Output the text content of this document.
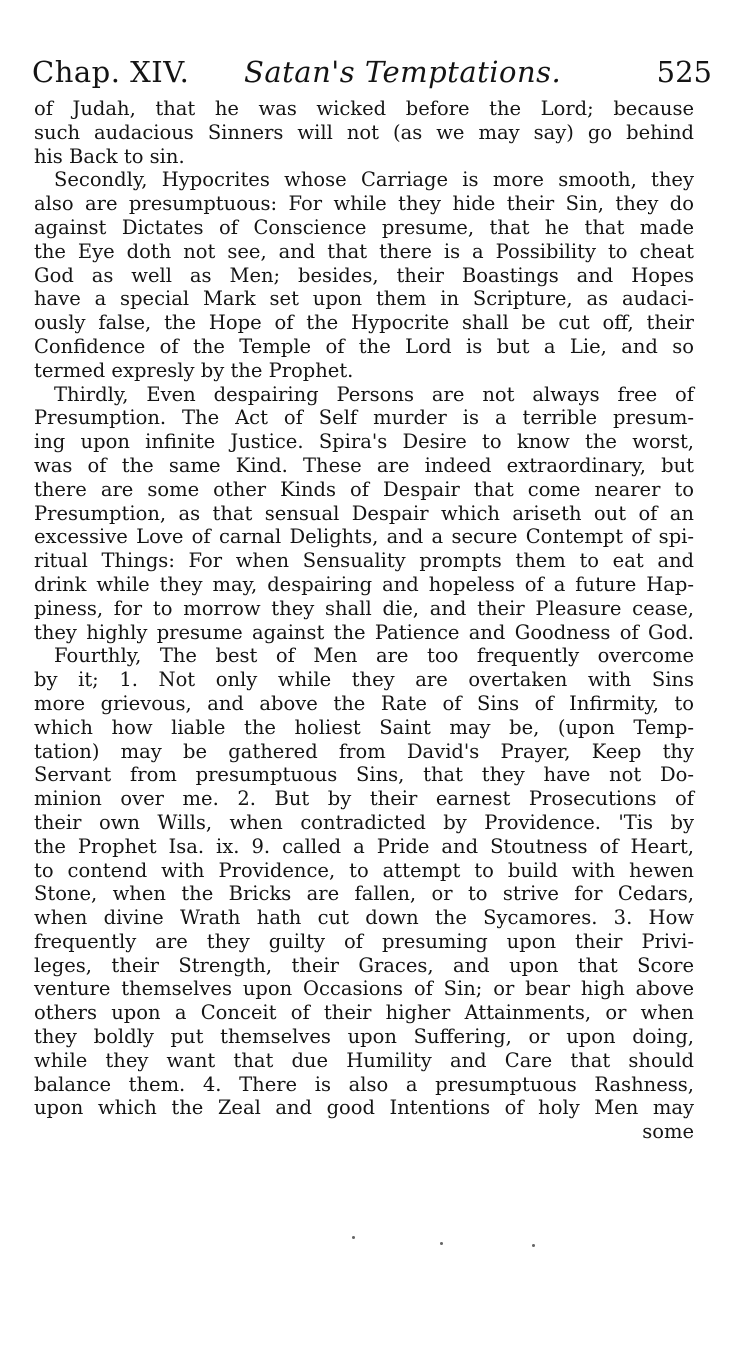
Chap. XIV. Satan's Temptations.	525
of Judah, that he was wicked before the Lord; because
such audacious Sinners will not (as we may say) go behind
his Back to sin.
Secondly, Hypocrites whose Carriage is more smooth, they
also are presumptuous: For while they hide their Sin, they do
against Dictates of Conscience presume, that he that made
the Eye doth not see, and that there is a Possibility to cheat
God as well as Men; besides, their Boastings and Hopes
have a special Mark set upon them in Scripture, as audaci-
ously false, the Hope of the Hypocrite shall be cut off, their
Confidence of the Temple of the Lord is but a Lie, and so
termed expresly by the Prophet.
Thirdly, Even despairing Persons are not always free of
Presumption. The Act of Self murder is a terrible presum-
ing upon infinite Justice. Spira's Desire to know the worst,
was of the same Kind. These are indeed extraordinary, but
there are some other Kinds of Despair that come nearer to
Presumption, as that sensual Despair which ariseth out of an
excessive Love of carnal Delights, and a secure Contempt of spi-
ritual Things: For when Sensuality prompts them to eat and
drink while they may, despairing and hopeless of a future Hap-
piness, for to morrow they shall die, and their Pleasure cease,
they highly presume against the Patience and Goodness of God.
Fourthly, The best of Men are too frequently overcome
by it; 1. Not only while they are overtaken with Sins
more grievous, and above the Rate of Sins of Infirmity, to
which how liable the holiest Saint may be, (upon Temp-
tation) may be gathered from David's Prayer, Keep thy
Servant from presumptuous Sins, that they have not Do-
minion over me. 2. But by their earnest Prosecutions of
their own Wills, when contradicted by Providence. 'Tis by
the Prophet Isa. ix. 9. called a Pride and Stoutness of Heart,
to contend with Providence, to attempt to build with hewen
Stone, when the Bricks are fallen, or to strive for Cedars,
when divine Wrath hath cut down the Sycamores. 3. How
frequently are they guilty of presuming upon their Privi-
leges, their Strength, their Graces, and upon that Score
venture themselves upon Occasions of Sin; or bear high above
others upon a Conceit of their higher Attainments, or when
they boldly put themselves upon Suffering, or upon doing,
while they want that due Humility and Care that should
balance them. 4. There is also a presumptuous Rashness,
upon which the Zeal and good Intentions of holy Men may
some
